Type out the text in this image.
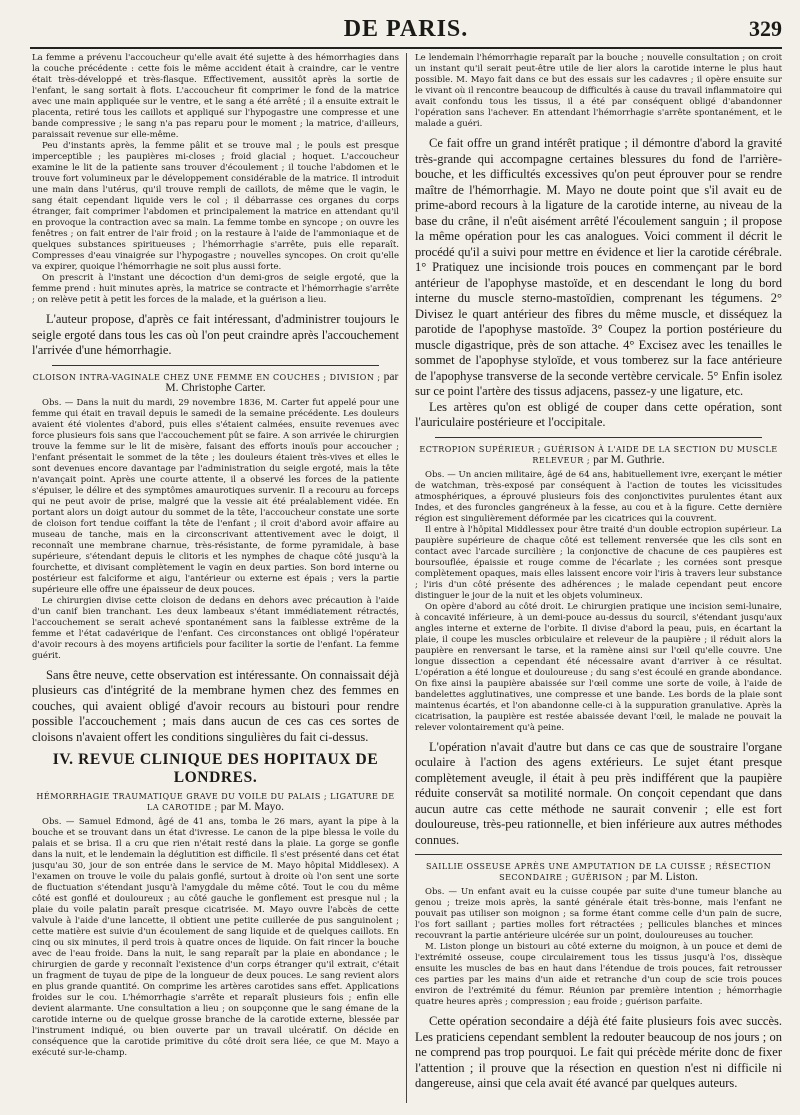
DE PARIS.	329

La femme a prévenu l'accoucheur qu'elle avait été sujette à des hémorrhagies dans la couche précédente : cette fois le même accident était à craindre, car le ventre était très-développé et très-flasque. Effectivement, aussitôt après la sortie de l'enfant, le sang sortait à flots. L'accoucheur fit comprimer le fond de la matrice avec une main appliquée sur le ventre, et le sang a été arrêté ; il a ensuite extrait le placenta, retiré tous les caillots et appliqué sur l'hypogastre une compresse et une bande compressive ; le sang n'a pas reparu pour le moment ; la matrice, d'ailleurs, paraissait revenue sur elle-même.

Peu d'instants après, la femme pâlit et se trouve mal ; le pouls est presque imperceptible ; les paupières mi-closes ; froid glacial ; hoquet. L'accoucheur examine le lit de la patiente sans trouver d'écoulement ; il touche l'abdomen et le trouve fort volumineux par le développement considérable de la matrice. Il introduit une main dans l'utérus, qu'il trouve rempli de caillots, de même que le vagin, le sang était cependant liquide vers le col ; il débarrasse ces organes du corps étranger, fait comprimer l'abdomen et principalement la matrice en attendant qu'il en provoque la contraction avec sa main. La femme tombe en syncope ; on ouvre les fenêtres ; on fait entrer de l'air froid ; on la restaure à l'aide de l'ammoniaque et de quelques substances spiritueuses ; l'hémorrhagie s'arrête, puis elle reparaît. Compresses d'eau vinaigrée sur l'hypogastre ; nouvelles syncopes. On croit qu'elle va expirer, quoique l'hémorrhagie ne soit plus aussi forte.

On prescrit à l'instant une décoction d'un demi-gros de seigle ergoté, que la femme prend : huit minutes après, la matrice se contracte et l'hémorrhagie s'arrête ; on relève petit à petit les forces de la malade, et la guérison a lieu.

L'auteur propose, d'après ce fait intéressant, d'administrer toujours le seigle ergoté dans tous les cas où l'on peut craindre après l'accouchement l'arrivée d'une hémorrhagie.

CLOISON INTRA-VAGINALE CHEZ UNE FEMME EN COUCHES ; DIVISION ; par M. Christophe Carter.

Obs. — Dans la nuit du mardi, 29 novembre 1836, M. Carter fut appelé pour une femme qui était en travail depuis le samedi de la semaine précédente. Les douleurs avaient été violentes d'abord, puis elles s'étaient calmées, ensuite revenues avec force plusieurs fois sans que l'accouchement pût se faire. A son arrivée le chirurgien trouve la femme sur le lit de misère, faisant des efforts inouïs pour accoucher ; l'enfant présentait le sommet de la tête ; les douleurs étaient très-vives et elles le sont devenues encore davantage par l'administration du seigle ergoté, mais la tête n'avançait point. Après une courte attente, il a observé les forces de la patiente s'épuiser, le délire et des symptômes amaurotiques survenir. Il a recouru au forceps qui ne peut avoir de prise, malgré que la vessie ait été préalablement vidée. En portant alors un doigt autour du sommet de la tête, l'accoucheur constate une sorte de cloison fort tendue coiffant la tête de l'enfant ; il croit d'abord avoir affaire au museau de tanche, mais en la circonscrivant attentivement avec le doigt, il reconnaît une membrane charnue, très-résistante, de forme pyramidale, à base supérieure, s'étendant depuis le clitoris et les nymphes de chaque côté jusqu'à la fourchette, et divisant complètement le vagin en deux parties. Son bord interne ou postérieur est falciforme et aigu, l'antérieur ou externe est épais ; vers la partie supérieure elle offre une épaisseur de deux pouces.

Le chirurgien divise cette cloison de dedans en dehors avec précaution à l'aide d'un canif bien tranchant. Les deux lambeaux s'étant immédiatement rétractés, l'accouchement se serait achevé spontanément sans la faiblesse extrême de la femme et l'état cadavérique de l'enfant. Ces circonstances ont obligé l'opérateur d'avoir recours à des moyens artificiels pour faciliter la sortie de l'enfant. La femme guérit.

Sans être neuve, cette observation est intéressante. On connaissait déjà plusieurs cas d'intégrité de la membrane hymen chez des femmes en couches, qui avaient obligé d'avoir recours au bistouri pour rendre possible l'accouchement ; mais dans aucun de ces cas ces sortes de cloisons n'avaient offert les conditions singulières du fait ci-dessus.

IV. REVUE CLINIQUE DES HOPITAUX DE LONDRES.
HÉMORRHAGIE TRAUMATIQUE GRAVE DU VOILE DU PALAIS ; LIGATURE DE LA CAROTIDE ; par M. Mayo.

Obs. — Samuel Edmond, âgé de 41 ans, tomba le 26 mars, ayant la pipe à la bouche et se trouvant dans un état d'ivresse. Le canon de la pipe blessa le voile du palais et se brisa. Il a cru que rien n'était resté dans la plaie. La gorge se gonfle dans la nuit, et le lendemain la déglutition est difficile. Il s'est présenté dans cet état jusqu'au 30, jour de son entrée dans le service de M. Mayo hôpital Middlesex). A l'examen on trouve le voile du palais gonflé, surtout à droite où l'on sent une sorte de fluctuation s'étendant jusqu'à l'amygdale du même côté. Tout le cou du même côté est gonflé et douloureux ; au côté gauche le gonflement est presque nul ; la plaie du voile palatin paraît presque cicatrisée. M. Mayo ouvre l'abcès de cette valvule à l'aide d'une lancette, il obtient une petite cuillerée de pus sanguinolent ; cette matière est suivie d'un écoulement de sang liquide et de quelques caillots. En cinq ou six minutes, il perd trois à quatre onces de liquide. On fait rincer la bouche avec de l'eau froide. Dans la nuit, le sang reparaît par la plaie en abondance ; le chirurgien de garde y reconnaît l'existence d'un corps étranger qu'il extrait, c'était un fragment de tuyau de pipe de la longueur de deux pouces. Le sang revient alors en plus grande quantité. On comprime les artères carotides sans effet. Applications froides sur le cou. L'hémorrhagie s'arrête et reparaît plusieurs fois ; enfin elle devient alarmante. Une consultation a lieu ; on soupçonne que le sang émane de la carotide interne ou de quelque grosse branche de la carotide externe, blessée par l'instrument indiqué, ou bien ouverte par un travail ulcératif. On décide en conséquence que la carotide primitive du côté droit sera liée, ce que M. Mayo a exécuté sur-le-champ.

Le lendemain l'hémorrhagie reparaît par la bouche ; nouvelle consultation ; on croit un instant qu'il serait peut-être utile de lier alors la carotide interne le plus haut possible. M. Mayo fait dans ce but des essais sur les cadavres ; il opère ensuite sur le vivant où il rencontre beaucoup de difficultés à cause du travail inflammatoire qui avait confondu tous les tissus, il a été par conséquent obligé d'abandonner l'opération sans l'achever. En attendant l'hémorrhagie s'arrête spontanément, et le malade a guéri.

Ce fait offre un grand intérêt pratique ; il démontre d'abord la gravité très-grande qui accompagne certaines blessures du fond de l'arrière-bouche, et les difficultés excessives qu'on peut éprouver pour se rendre maître de l'hémorrhagie. M. Mayo ne doute point que s'il avait eu de prime-abord recours à la ligature de la carotide interne, au niveau de la base du crâne, il n'eût aisément arrêté l'écoulement sanguin ; il propose la même opération pour les cas analogues. Voici comment il décrit le procédé qu'il a suivi pour mettre en évidence et lier la carotide cérébrale. 1° Pratiquez une incisionde trois pouces en commençant par le bord antérieur de l'apophyse mastoïde, et en descendant le long du bord interne du muscle sterno-mastoïdien, comprenant les tégumens. 2° Divisez le quart antérieur des fibres du même muscle, et disséquez la parotide de l'apophyse mastoïde. 3° Coupez la portion postérieure du muscle digastrique, près de son attache. 4° Excisez avec les tenailles le sommet de l'apophyse styloïde, et vous tomberez sur la face antérieure de l'apophyse transverse de la seconde vertèbre cervicale. 5° Enfin isolez sur ce point l'artère des tissus adjacens, passez-y une ligature, etc.

Les artères qu'on est obligé de couper dans cette opération, sont l'auriculaire postérieure et l'occipitale.

ECTROPION SUPÉRIEUR ; GUÉRISON À L'AIDE DE LA SECTION DU MUSCLE RELEVEUR ; par M. Guthrie.

Obs. — Un ancien militaire, âgé de 64 ans, habituellement ivre, exerçant le métier de watchman, très-exposé par conséquent à l'action de toutes les vicissitudes atmosphériques, a éprouvé plusieurs fois des conjonctivites purulentes étant aux Indes, et des furoncles gangréneux à la fesse, au cou et à la figure. Cette dernière région est singulièrement déformée par les cicatrices qui la couvrent.

Il entre à l'hôpital Middlessex pour être traité d'un double ectropion supérieur. La paupière supérieure de chaque côté est tellement renversée que les cils sont en contact avec l'arcade surcilière ; la conjonctive de chacune de ces paupières est boursouflée, épaissie et rouge comme de l'écarlate ; les cornées sont presque complètement opaques, mais elles laissent encore voir l'iris à travers leur substance ; l'iris d'un côté présente des adhérences ; le malade cependant peut encore distinguer le jour de la nuit et les objets volumineux.

On opère d'abord au côté droit. Le chirurgien pratique une incision semi-lunaire, à concavité inférieure, à un demi-pouce au-dessus du sourcil, s'étendant jusqu'aux angles interne et externe de l'orbite. Il divise d'abord la peau, puis, en écartant la plaie, il coupe les muscles orbiculaire et releveur de la paupière ; il réduit alors la paupière en renversant le tarse, et la ramène ainsi sur l'œil qu'elle couvre. Une longue dissection a cependant été nécessaire avant d'arriver à ce résultat. L'opération a été longue et douloureuse ; du sang s'est écoulé en grande abondance. On fixe ainsi la paupière abaissée sur l'œil comme une sorte de voile, à l'aide de bandelettes agglutinatives, une compresse et une bande. Les bords de la plaie sont maintenus écartés, et l'on abandonne celle-ci à la suppuration granulative. Après la cicatrisation, la paupière est restée abaissée devant l'œil, le malade ne pouvait la relever volontairement qu'à peine.

L'opération n'avait d'autre but dans ce cas que de soustraire l'organe oculaire à l'action des agens extérieurs. Le sujet étant presque complètement aveugle, il était à peu près indifférent que la paupière réduite conservât sa motilité normale. On conçoit cependant que dans aucun autre cas cette méthode ne saurait convenir ; elle est fort douloureuse, très-peu rationnelle, et bien inférieure aux autres méthodes connues.

SAILLIE OSSEUSE APRÈS UNE AMPUTATION DE LA CUISSE ; RÉSECTION SECONDAIRE ; GUÉRISON ; par M. Liston.

Obs. — Un enfant avait eu la cuisse coupée par suite d'une tumeur blanche au genou ; treize mois après, la santé générale était très-bonne, mais l'enfant ne pouvait pas utiliser son moignon ; sa forme étant comme celle d'un pain de sucre, l'os fort saillant ; parties molles fort rétractées ; pellicules blanches et minces recouvrant la partie antérieure ulcérée sur un point, douloureuses au toucher.

M. Liston plonge un bistouri au côté externe du moignon, à un pouce et demi de l'extrémité osseuse, coupe circulairement tous les tissus jusqu'à l'os, dissèque ensuite les muscles de bas en haut dans l'étendue de trois pouces, fait retrousser ces parties par les mains d'un aide et retranche d'un coup de scie trois pouces environ de l'extrémité du fémur. Réunion par première intention ; hémorrhagie quatre heures après ; compression ; eau froide ; guérison parfaite.

Cette opération secondaire a déjà été faite plusieurs fois avec succès. Les praticiens cependant semblent la redouter beaucoup de nos jours ; on ne comprend pas trop pourquoi. Le fait qui précède mérite donc de fixer l'attention ; il prouve que la résection en question n'est ni difficile ni dangereuse, ainsi que cela avait été avancé par quelques auteurs.
